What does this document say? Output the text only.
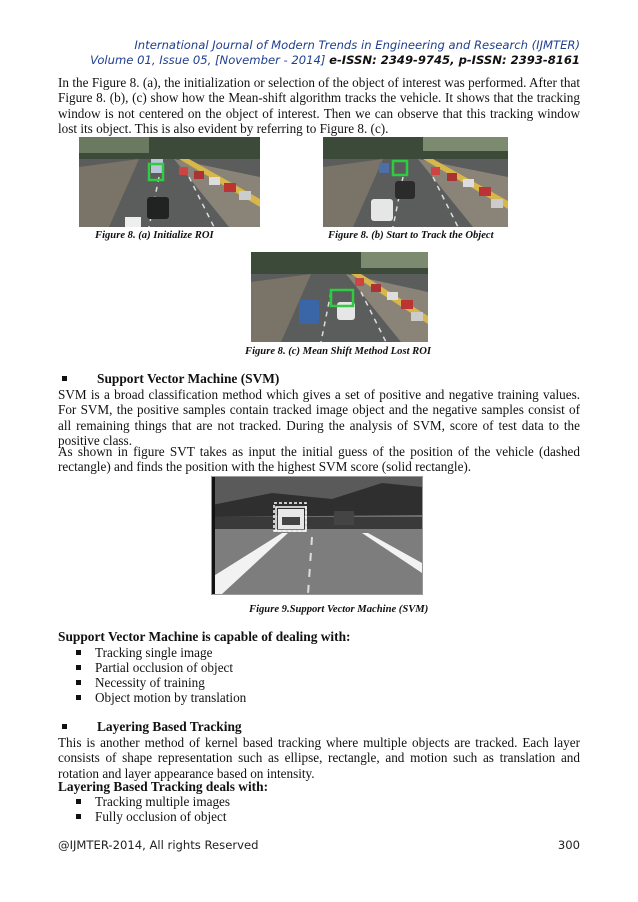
International Journal of Modern Trends in Engineering and Research (IJMTER)
Volume 01, Issue 05, [November - 2014] e-ISSN: 2349-9745, p-ISSN: 2393-8161

In the Figure 8. (a), the initialization or selection of the object of interest was performed. After that Figure 8. (b), (c) show how the Mean-shift algorithm tracks the vehicle. It shows that the tracking window is not centered on the object of interest. Then we can observe that this tracking window lost its object. This is also evident by referring to Figure 8. (c).

Figure 8. (a) Initialize ROI	Figure 8. (b) Start to Track the Object
Figure 8. (c) Mean Shift Method Lost ROI
Support Vector Machine (SVM)

SVM is a broad classification method which gives a set of positive and negative training values. For SVM, the positive samples contain tracked image object and the negative samples consist of all remaining things that are not tracked. During the analysis of SVM, score of test data to the positive class.

As shown in figure SVT takes as input the initial guess of the position of the vehicle (dashed rectangle) and finds the position with the highest SVM score (solid rectangle).

Figure 9.Support Vector Machine (SVM)
Support Vector Machine is capable of dealing with:
Tracking single image
Partial occlusion of object
Necessity of training
Object motion by translation
Layering Based Tracking

This is another method of kernel based tracking where multiple objects are tracked. Each layer consists of shape representation such as ellipse, rectangle, and motion such as translation and rotation and layer appearance based on intensity.

Layering Based Tracking deals with:
Tracking multiple images
Fully occlusion of object
@IJMTER-2014, All rights Reserved	300
